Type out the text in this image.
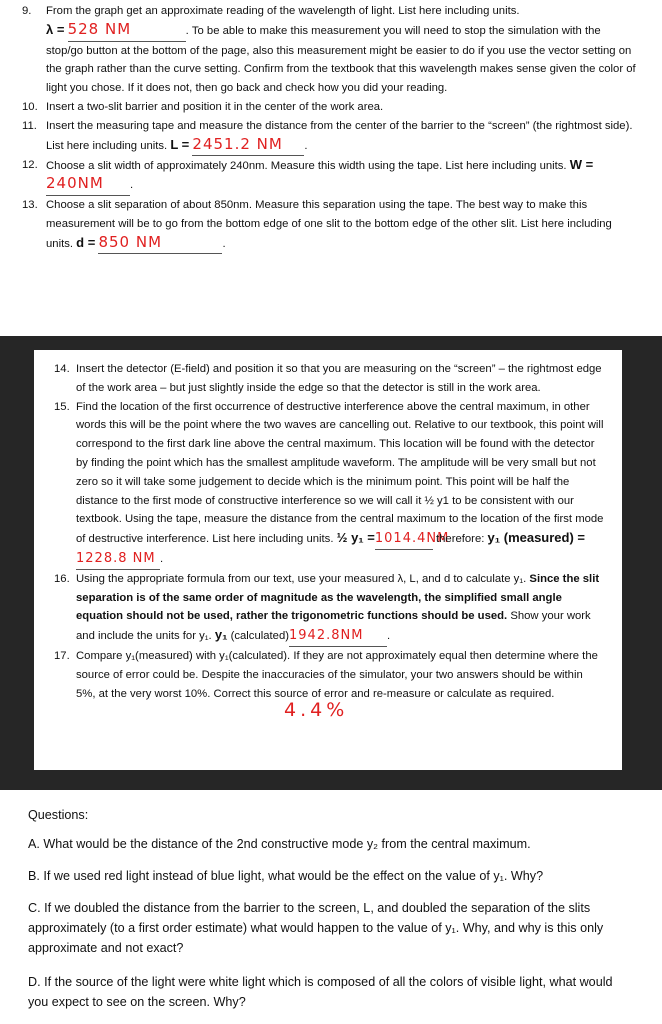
9.	From the graph get an approximate reading of the wavelength of light. List here including units.
λ = 528 NM	. To be able to make this measurement you will need to stop the simulation with the stop/go button at the bottom of the page, also this measurement might be easier to do if you use the vector setting on the graph rather than the curve setting. Confirm from the textbook that this wavelength makes sense given the color of light you chose. If it does not, then go back and check how you did your reading.
10. Insert a two-slit barrier and position it in the center of the work area.
11. Insert the measuring tape and measure the distance from the center of the barrier to the “screen” (the rightmost side). List here including units. L = 2451.2 NM .
12. Choose a slit width of approximately 240nm. Measure this width using the tape. List here including units. W = 240NM .
13. Choose a slit separation of about 850nm. Measure this separation using the tape. The best way to make this measurement will be to go from the bottom edge of one slit to the bottom edge of the other slit. List here including units. d = 850 NM	.
14. Insert the detector (E-field) and position it so that you are measuring on the “screen” – the rightmost edge of the work area – but just slightly inside the edge so that the detector is still in the work area.
15. Find the location of the first occurrence of destructive interference above the central maximum, in other words this will be the point where the two waves are cancelling out. Relative to our textbook, this point will correspond to the first dark line above the central maximum. This location will be found with the detector by finding the point which has the smallest amplitude waveform. The amplitude will be very small but not zero so it will take some judgement to decide which is the minimum point. This point will be half the distance to the first mode of constructive interference so we will call it ½ y1 to be consistent with our textbook. Using the tape, measure the distance from the central maximum to the location of the first mode of destructive interference. List here including units. ½ y₁ =1014.4NM therefore: y₁ (measured) =
1228.8 NM .
16. Using the appropriate formula from our text, use your measured λ, L, and d to calculate y₁. Since the slit separation is of the same order of magnitude as the wavelength, the simplified small angle equation should not be used, rather the trigonometric functions should be used. Show your work and include the units for y₁. y₁ (calculated)1942.8NM .
17. Compare y₁(measured) with y₁(calculated). If they are not approximately equal then determine where the source of error could be. Despite the inaccuracies of the simulator, your two answers should be within 5%, at the very worst 10%. Correct this source of error and re-measure or calculate as required.
4.4%
Questions:
A. What would be the distance of the 2nd constructive mode y₂ from the central maximum.
B. If we used red light instead of blue light, what would be the effect on the value of y₁. Why?
C. If we doubled the distance from the barrier to the screen, L, and doubled the separation of the slits approximately (to a first order estimate) what would happen to the value of y₁. Why, and why is this only approximate and not exact?
D. If the source of the light were white light which is composed of all the colors of visible light, what would you expect to see on the screen. Why?
